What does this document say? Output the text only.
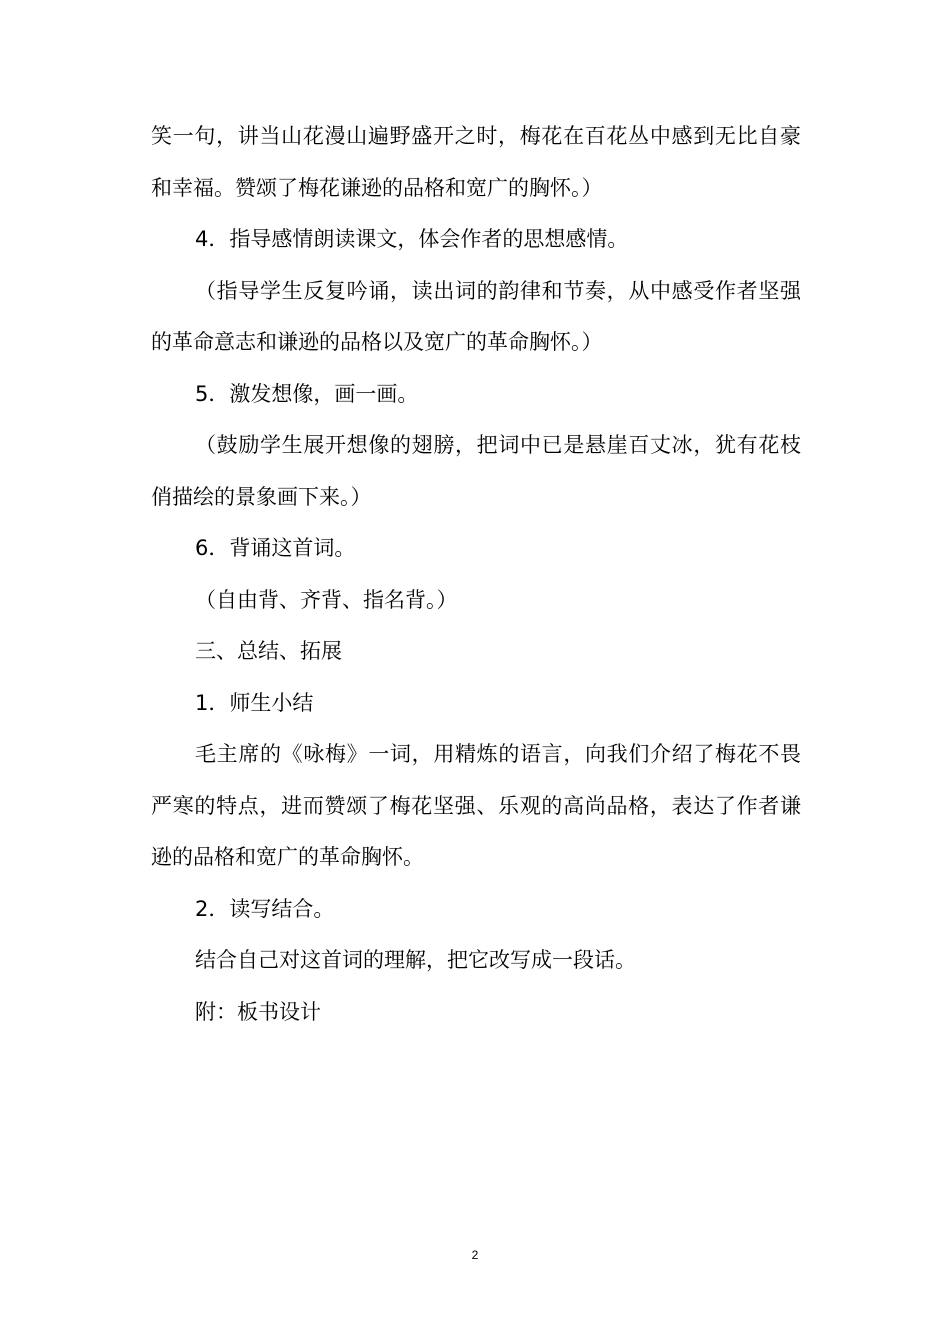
笑一句，讲当山花漫山遍野盛开之时，梅花在百花丛中感到无比自豪和幸福。赞颂了梅花谦逊的品格和宽广的胸怀。）

4．指导感情朗读课文，体会作者的思想感情。

（指导学生反复吟诵，读出词的韵律和节奏，从中感受作者坚强的革命意志和谦逊的品格以及宽广的革命胸怀。）

5．激发想像，画一画。

（鼓励学生展开想像的翅膀，把词中已是悬崖百丈冰，犹有花枝俏描绘的景象画下来。）

6．背诵这首词。

（自由背、齐背、指名背。）

三、总结、拓展

1．师生小结

毛主席的《咏梅》一词，用精炼的语言，向我们介绍了梅花不畏严寒的特点，进而赞颂了梅花坚强、乐观的高尚品格，表达了作者谦逊的品格和宽广的革命胸怀。

2．读写结合。

结合自己对这首词的理解，把它改写成一段话。

附：板书设计

2
